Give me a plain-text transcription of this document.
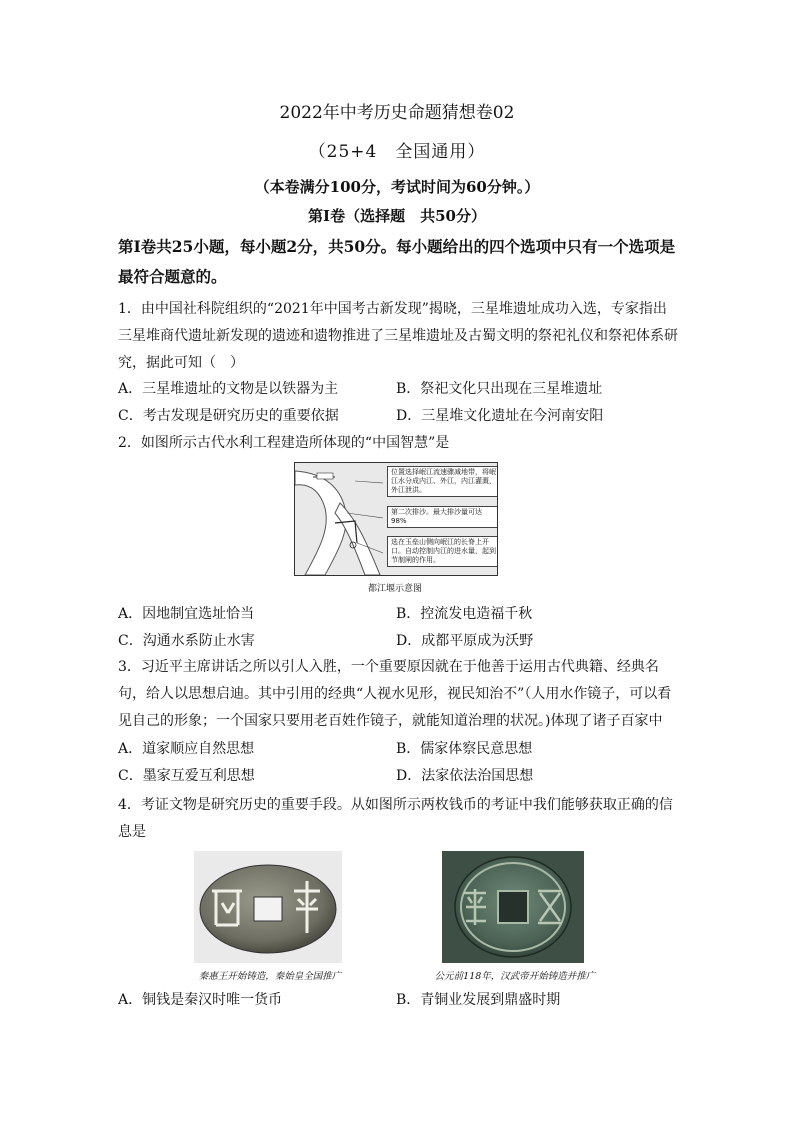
2022年中考历史命题猜想卷02
（25+4　全国通用）
（本卷满分100分，考试时间为60分钟。）
第Ⅰ卷（选择题　共50分）
第Ⅰ卷共25小题，每小题2分，共50分。每小题给出的四个选项中只有一个选项是最符合题意的。
1．由中国社科院组织的“2021年中国考古新发现”揭晓，三星堆遗址成功入选，专家指出三星堆商代遗址新发现的遗迹和遗物推进了三星堆遗址及古蜀文明的祭祀礼仪和祭祀体系研究，据此可知（　）
A．三星堆遗址的文物是以铁器为主	B．祭祀文化只出现在三星堆遗址
C．考古发现是研究历史的重要依据	D．三星堆文化遗址在今河南安阳
2．如图所示古代水利工程建造所体现的“中国智慧”是
位置选择岷江流速骤减地带，将岷江水分成内江、外江，内江灌溉，外江泄洪。
第二次排沙。最大排沙量可达98%
选在玉垒山侧向岷江的长脊上开口。自动控制内江的进水量，起到节制闸的作用。
都江堰示意图
A．因地制宜选址恰当	B．控流发电造福千秋
C．沟通水系防止水害	D．成都平原成为沃野
3．习近平主席讲话之所以引人入胜，一个重要原因就在于他善于运用古代典籍、经典名句，给人以思想启迪。其中引用的经典“人视水见形，视民知治不”（人用水作镜子，可以看见自己的形象；一个国家只要用老百姓作镜子，就能知道治理的状况。)体现了诸子百家中
A．道家顺应自然思想	B．儒家体察民意思想
C．墨家互爱互利思想	D．法家依法治国思想
4．考证文物是研究历史的重要手段。从如图所示两枚钱币的考证中我们能够获取正确的信息是
秦惠王开始铸造，秦始皇全国推广	公元前118年，汉武帝开始铸造并推广
A．铜钱是秦汉时唯一货币	B．青铜业发展到鼎盛时期
